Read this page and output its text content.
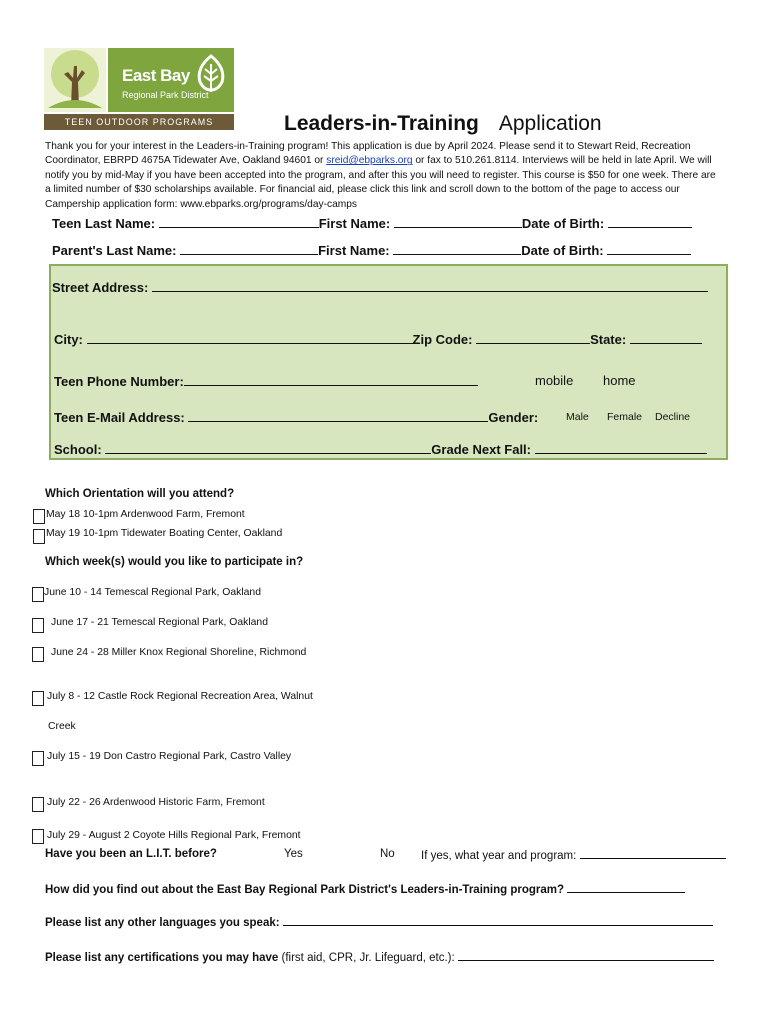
East Bay
Regional Park District
TEEN OUTDOOR PROGRAMS	Leaders-in-Training Application
Thank you for your interest in the Leaders-in-Training program! This application is due by April 2024. Please send it to Stewart Reid, Recreation Coordinator, EBRPD 4675A Tidewater Ave, Oakland 94601 or sreid@ebparks.org or fax to 510.261.8114. Interviews will be held in late April. We will notify you by mid-May if you have been accepted into the program, and after this you will need to register. This course is $50 for one week. There are a limited number of $30 scholarships available. For financial aid, please click this link and scroll down to the bottom of the page to access our Campership application form: www.ebparks.org/programs/day-camps
Teen Last Name:	First Name:	Date of Birth:
Parent's Last Name:	First Name:	Date of Birth:
Street Address:
City:	Zip Code:	State:
Teen Phone Number:	mobile home
Teen E-Mail Address:	Gender:	Male Female Decline
School:	Grade Next Fall:
Which Orientation will you attend?
May 18 10-1pm Ardenwood Farm, Fremont
May 19 10-1pm Tidewater Boating Center, Oakland
Which week(s) would you like to participate in?
June 10 - 14 Temescal Regional Park, Oakland
June 17 - 21 Temescal Regional Park, Oakland
June 24 - 28 Miller Knox Regional Shoreline, Richmond
July 8 - 12 Castle Rock Regional Recreation Area, Walnut
Creek
July 15 - 19 Don Castro Regional Park, Castro Valley
July 22 - 26 Ardenwood Historic Farm, Fremont
July 29 - August 2 Coyote Hills Regional Park, Fremont
Have you been an L.I.T. before?	Yes	No If yes, what year and program:
How did you find out about the East Bay Regional Park District's Leaders-in-Training program?
Please list any other languages you speak:
Please list any certifications you may have (first aid, CPR, Jr. Lifeguard, etc.):
